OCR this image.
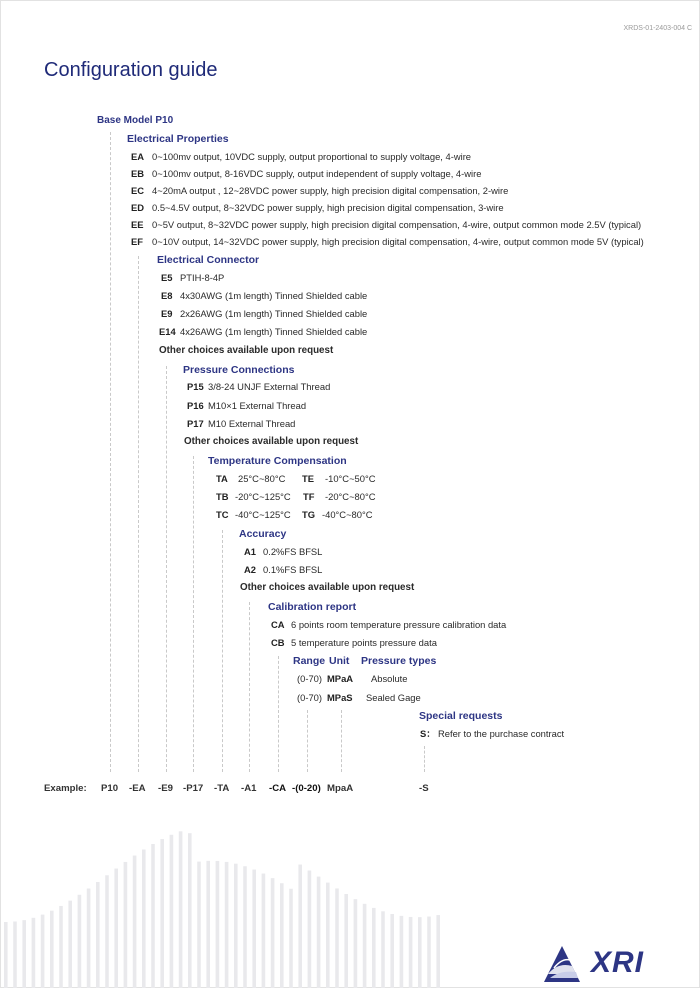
XRDS-01-2403-004 C
Configuration guide
Base Model P10
Electrical Properties
EA 0~100mv output, 10VDC supply, output proportional to supply voltage, 4-wire
EB 0~100mv output, 8-16VDC supply, output independent of supply voltage, 4-wire
EC 4~20mA output , 12~28VDC power supply, high precision digital compensation, 2-wire
ED 0.5~4.5V output, 8~32VDC power supply, high precision digital compensation, 3-wire
EE 0~5V output, 8~32VDC power supply, high precision digital compensation, 4-wire, output common mode 2.5V (typical)
EF 0~10V output, 14~32VDC power supply, high precision digital compensation, 4-wire, output common mode 5V (typical)
Electrical Connector
E5 PTIH-8-4P
E8 4x30AWG (1m length) Tinned Shielded cable
E9 2x26AWG (1m length) Tinned Shielded cable
E14 4x26AWG (1m length) Tinned Shielded cable
Other choices available upon request
Pressure Connections
P15 3/8-24 UNJF External Thread
P16 M10×1 External Thread
P17 M10 External Thread
Other choices available upon request
Temperature Compensation
TA 25°C~80°C TE -10°C~50°C
TB -20°C~125°C TF -20°C~80°C
TC -40°C~125°C TG -40°C~80°C
Accuracy
A1 0.2%FS BFSL
A2 0.1%FS BFSL
Other choices available upon request
Calibration report
CA 6 points room temperature pressure calibration data
CB 5 temperature points pressure data
Range Unit Pressure types
(0-70) MPaA Absolute
(0-70) MPaS Sealed Gage
Special requests
S： Refer to the purchase contract
Example: P10 -EA -E9 -P17 -TA -A1 -CA -(0-20) MpaA	-S
XRI
